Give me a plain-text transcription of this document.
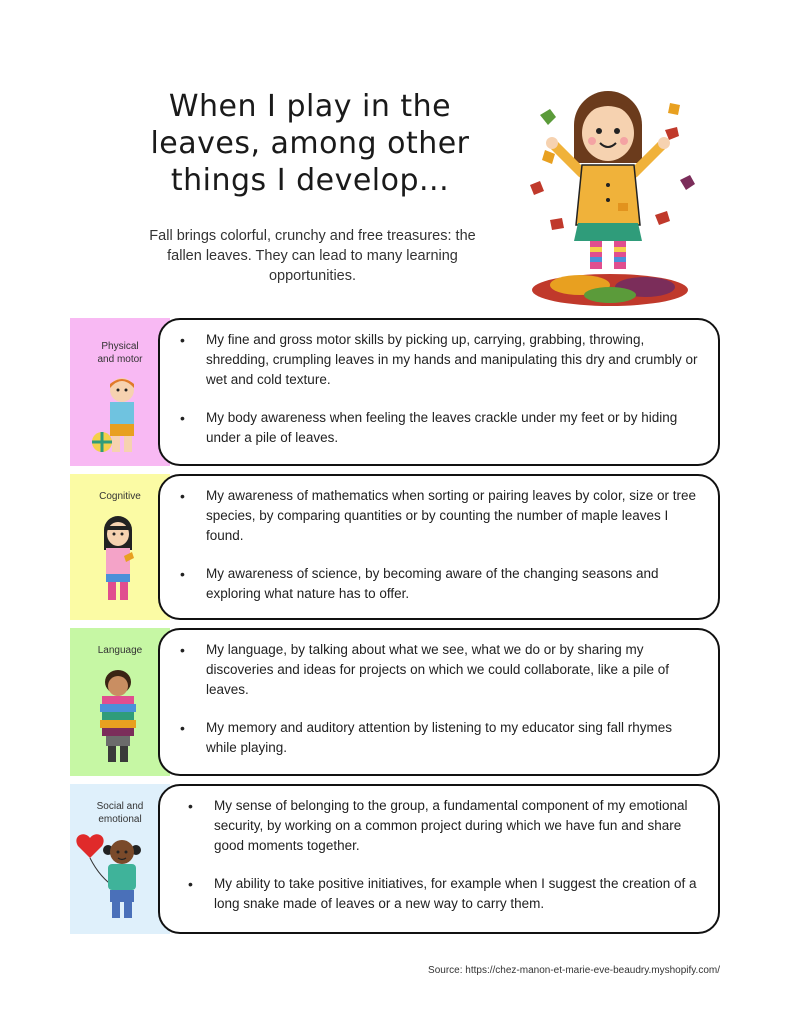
When I play in the
leaves, among other
things I develop...
Fall brings colorful, crunchy and free treasures: the
fallen leaves. They can lead to many learning
opportunities.
Physical
and motor
• My fine and gross motor skills by picking up, carrying, grabbing, throwing, shredding, crumpling leaves in my hands and manipulating this dry and crumbly or wet and cold texture.
• My body awareness when feeling the leaves crackle under my feet or by hiding under a pile of leaves.
Cognitive	• My awareness of mathematics when sorting or pairing leaves by color, size or tree species, by comparing quantities or by counting the number of maple leaves I found.
• My awareness of science, by becoming aware of the changing seasons and exploring what nature has to offer.
Language	• My language, by talking about what we see, what we do or by sharing my discoveries and ideas for projects on which we could collaborate, like a pile of leaves.
• My memory and auditory attention by listening to my educator sing fall rhymes while playing.
Social and
emotional
• My sense of belonging to the group, a fundamental component of my emotional security, by working on a common project during which we have fun and share good moments together.
• My ability to take positive initiatives, for example when I suggest the creation of a long snake made of leaves or a new way to carry them.
Source: https://chez-manon-et-marie-eve-beaudry.myshopify.com/
